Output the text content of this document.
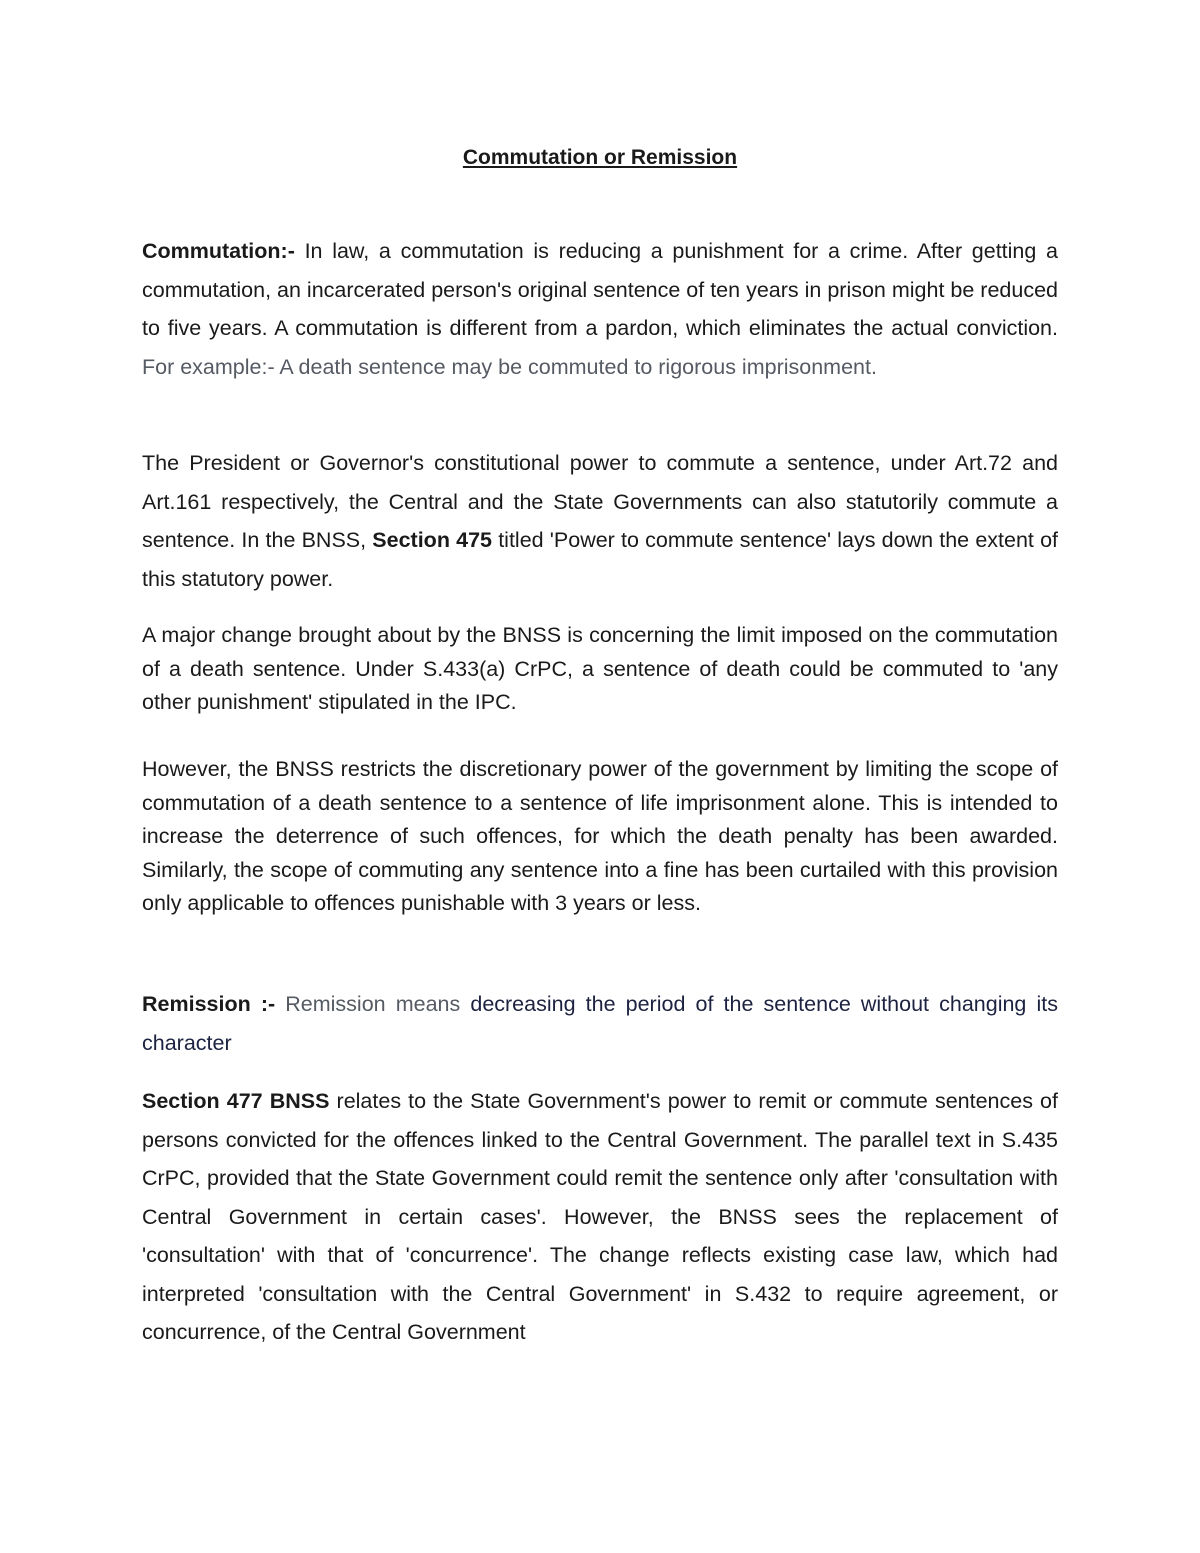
Commutation or Remission

Commutation:- In law, a commutation is reducing a punishment for a crime. After getting a commutation, an incarcerated person's original sentence of ten years in prison might be reduced to five years. A commutation is different from a pardon, which eliminates the actual conviction. For example:- A death sentence may be commuted to rigorous imprisonment.

The President or Governor's constitutional power to commute a sentence, under Art.72 and Art.161 respectively, the Central and the State Governments can also statutorily commute a sentence. In the BNSS, Section 475 titled 'Power to commute sentence' lays down the extent of this statutory power.

A major change brought about by the BNSS is concerning the limit imposed on the commutation of a death sentence. Under S.433(a) CrPC, a sentence of death could be commuted to 'any other punishment' stipulated in the IPC.

However, the BNSS restricts the discretionary power of the government by limiting the scope of commutation of a death sentence to a sentence of life imprisonment alone. This is intended to increase the deterrence of such offences, for which the death penalty has been awarded. Similarly, the scope of commuting any sentence into a fine has been curtailed with this provision only applicable to offences punishable with 3 years or less.

Remission :- Remission means decreasing the period of the sentence without changing its character

Section 477 BNSS relates to the State Government's power to remit or commute sentences of persons convicted for the offences linked to the Central Government. The parallel text in S.435 CrPC, provided that the State Government could remit the sentence only after 'consultation with Central Government in certain cases'. However, the BNSS sees the replacement of 'consultation' with that of 'concurrence'. The change reflects existing case law, which had interpreted 'consultation with the Central Government' in S.432 to require agreement, or concurrence, of the Central Government
